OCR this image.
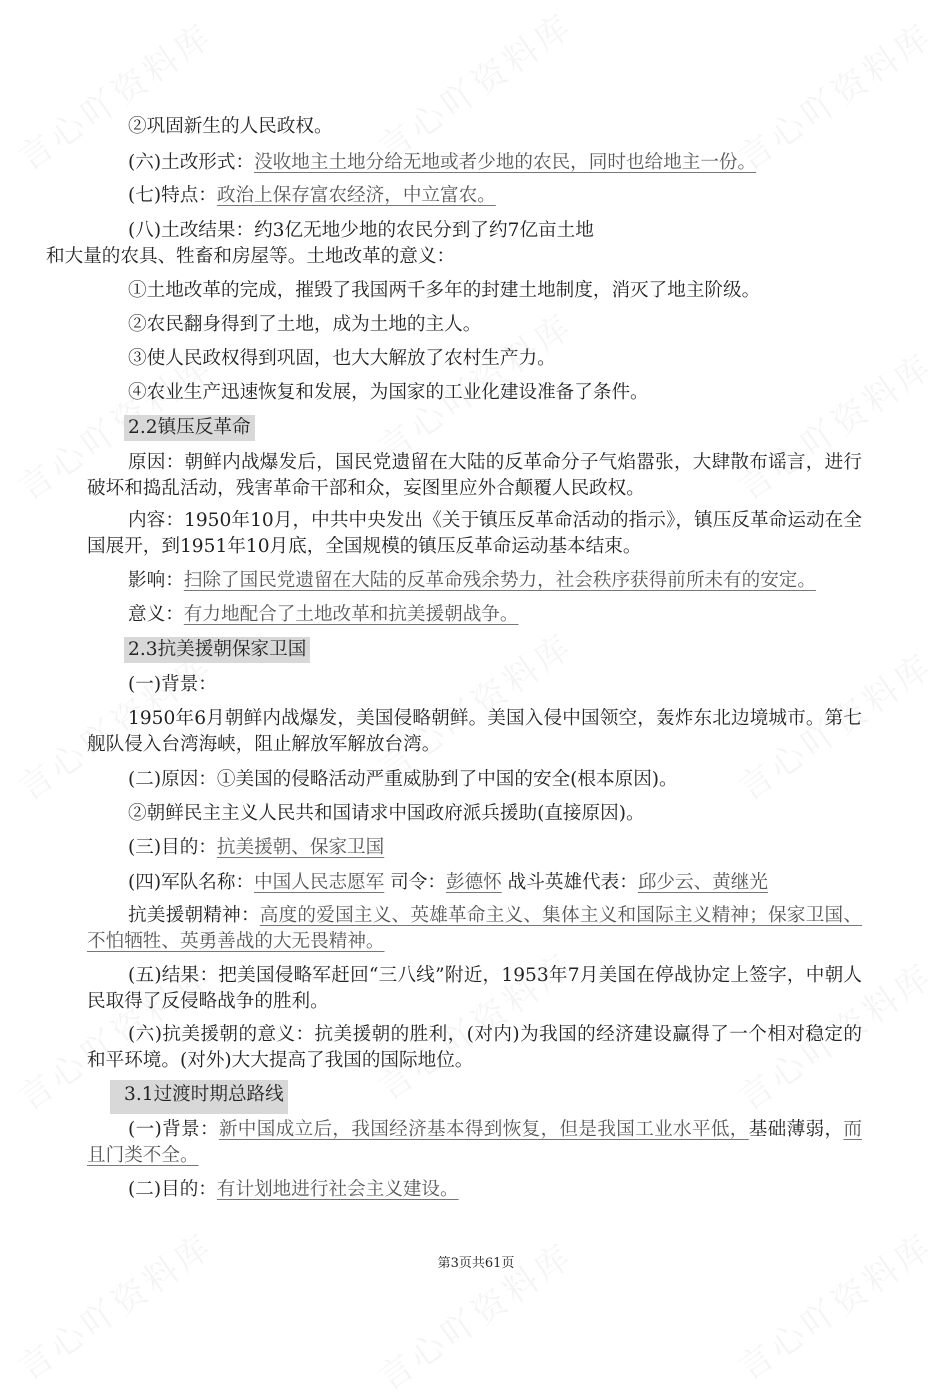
②巩固新生的人民政权。
(六)土改形式：没收地主土地分给无地或者少地的农民，同时也给地主一份。
(七)特点：政治上保存富农经济，中立富农。
(八)土改结果：约3亿无地少地的农民分到了约7亿亩土地
和大量的农具、牲畜和房屋等。土地改革的意义：
①土地改革的完成，摧毁了我国两千多年的封建土地制度，消灭了地主阶级。
②农民翻身得到了土地，成为土地的主人。
③使人民政权得到巩固，也大大解放了农村生产力。
④农业生产迅速恢复和发展，为国家的工业化建设准备了条件。
2.2镇压反革命
原因：朝鲜内战爆发后，国民党遗留在大陆的反革命分子气焰嚣张，大肆散布谣言，进行破坏和捣乱活动，残害革命干部和众，妄图里应外合颠覆人民政权。
内容：1950年10月，中共中央发出《关于镇压反革命活动的指示》，镇压反革命运动在全国展开，到1951年10月底，全国规模的镇压反革命运动基本结束。
影响：扫除了国民党遗留在大陆的反革命残余势力，社会秩序获得前所未有的安定。
意义：有力地配合了土地改革和抗美援朝战争。
2.3抗美援朝保家卫国
(一)背景：
1950年6月朝鲜内战爆发，美国侵略朝鲜。美国入侵中国领空，轰炸东北边境城市。第七舰队侵入台湾海峡，阻止解放军解放台湾。
(二)原因：①美国的侵略活动严重威胁到了中国的安全(根本原因)。
②朝鲜民主主义人民共和国请求中国政府派兵援助(直接原因)。
(三)目的：抗美援朝、保家卫国
(四)军队名称：中国人民志愿军 司令：彭德怀 战斗英雄代表：邱少云、黄继光
抗美援朝精神：高度的爱国主义、英雄革命主义、集体主义和国际主义精神；保家卫国、不怕牺牲、英勇善战的大无畏精神。
(五)结果：把美国侵略军赶回“三八线”附近，1953年7月美国在停战协定上签字，中朝人民取得了反侵略战争的胜利。
(六)抗美援朝的意义：抗美援朝的胜利，(对内)为我国的经济建设赢得了一个相对稳定的和平环境。(对外)大大提高了我国的国际地位。
3.1过渡时期总路线
(一)背景：新中国成立后，我国经济基本得到恢复，但是我国工业水平低，基础薄弱，而且门类不全。
(二)目的：有计划地进行社会主义建设。
第3页共61页
